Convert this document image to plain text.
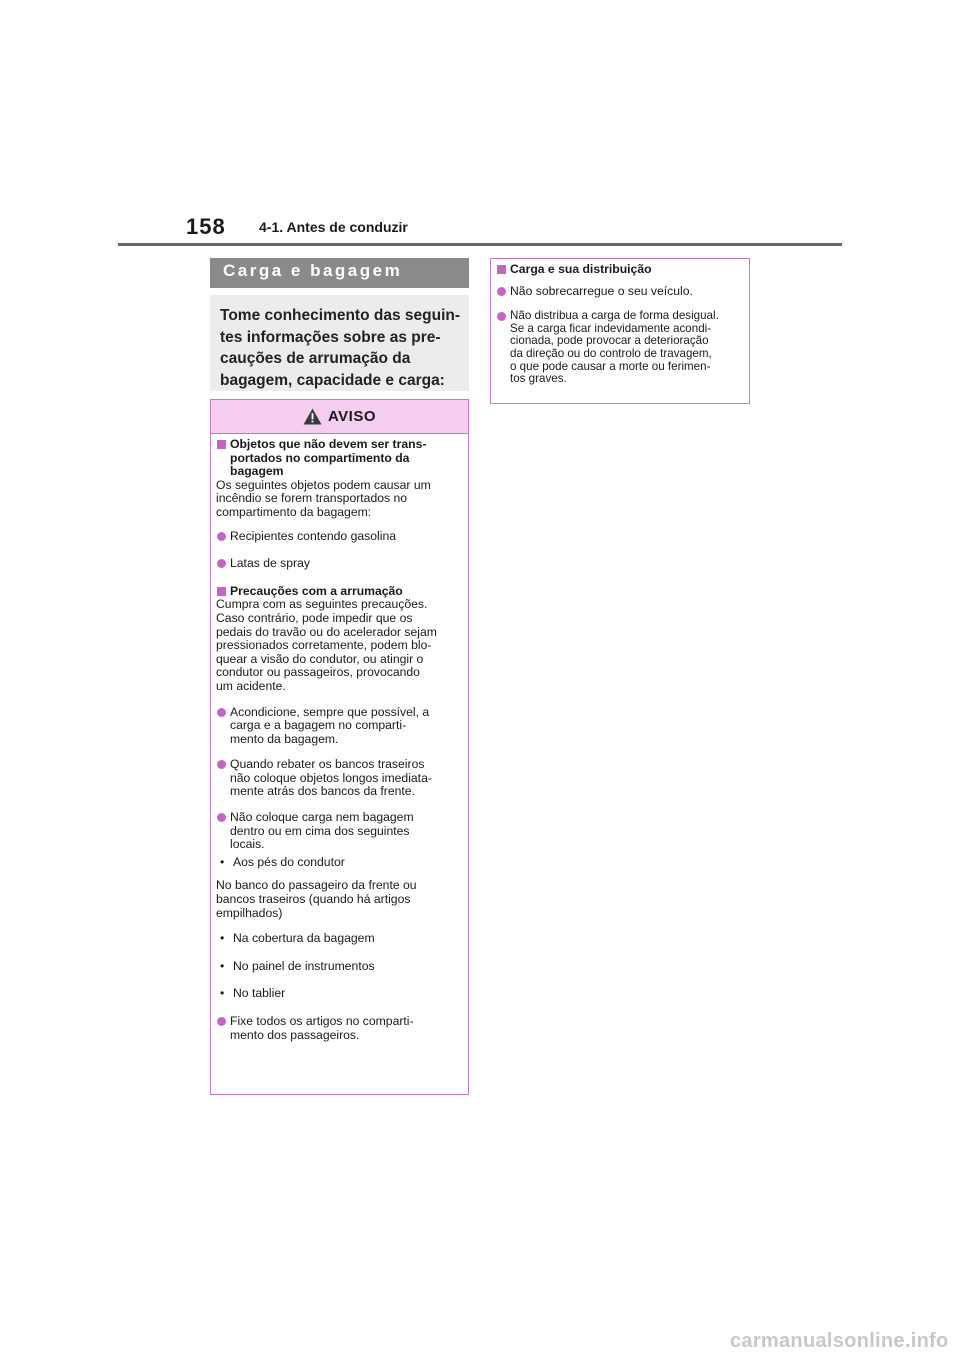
158 4-1. Antes de conduzir
Carga e bagagem
Tome conhecimento das seguin-
tes informações sobre as pre-
cauções de arrumação da
bagagem, capacidade e carga:
AVISO
Objetos que não devem ser trans-
portados no compartimento da
bagagem
Os seguintes objetos podem causar um
incêndio se forem transportados no
compartimento da bagagem:
Recipientes contendo gasolina
Latas de spray
Precauções com a arrumação
Cumpra com as seguintes precauções.
Caso contrário, pode impedir que os
pedais do travão ou do acelerador sejam
pressionados corretamente, podem blo-
quear a visão do condutor, ou atingir o
condutor ou passageiros, provocando
um acidente.
Acondicione, sempre que possível, a
carga e a bagagem no comparti-
mento da bagagem.
Quando rebater os bancos traseiros
não coloque objetos longos imediata-
mente atrás dos bancos da frente.
Não coloque carga nem bagagem
dentro ou em cima dos seguintes
locais.
• Aos pés do condutor
No banco do passageiro da frente ou
bancos traseiros (quando há artigos
empilhados)
• Na cobertura da bagagem
• No painel de instrumentos
• No tablier
Fixe todos os artigos no comparti-
mento dos passageiros.
Carga e sua distribuição
Não sobrecarregue o seu veículo.
Não distribua a carga de forma desigual.
Se a carga ficar indevidamente acondi-
cionada, pode provocar a deterioração
da direção ou do controlo de travagem,
o que pode causar a morte ou ferimen-
tos graves.
carmanualsonline.info
